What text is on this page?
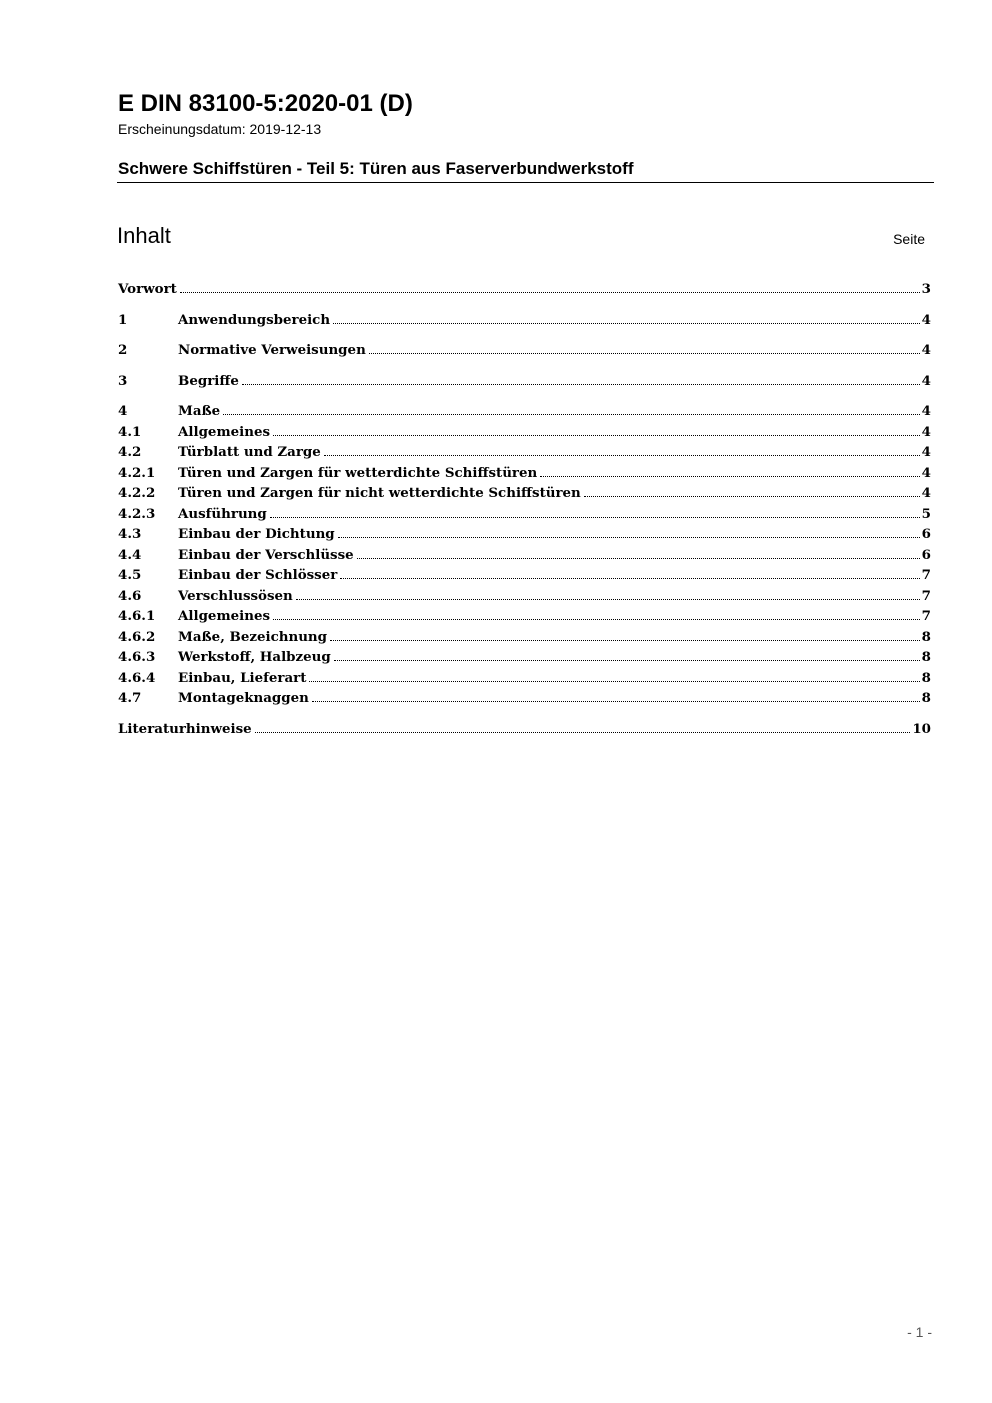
E DIN 83100-5:2020-01 (D)
Erscheinungsdatum: 2019-12-13
Schwere Schiffstüren - Teil 5: Türen aus Faserverbundwerkstoff
Inhalt	Seite
Vorwort	3
1	Anwendungsbereich	4
2	Normative Verweisungen	4
3	Begriffe	4
4	Maße	4
4.1	Allgemeines	4
4.2	Türblatt und Zarge	4
4.2.1	Türen und Zargen für wetterdichte Schiffstüren	4
4.2.2	Türen und Zargen für nicht wetterdichte Schiffstüren	4
4.2.3	Ausführung	5
4.3	Einbau der Dichtung	6
4.4	Einbau der Verschlüsse	6
4.5	Einbau der Schlösser	7
4.6	Verschlussösen	7
4.6.1	Allgemeines	7
4.6.2	Maße, Bezeichnung	8
4.6.3	Werkstoff, Halbzeug	8
4.6.4	Einbau, Lieferart	8
4.7	Montageknaggen	8
Literaturhinweise	10
- 1 -
